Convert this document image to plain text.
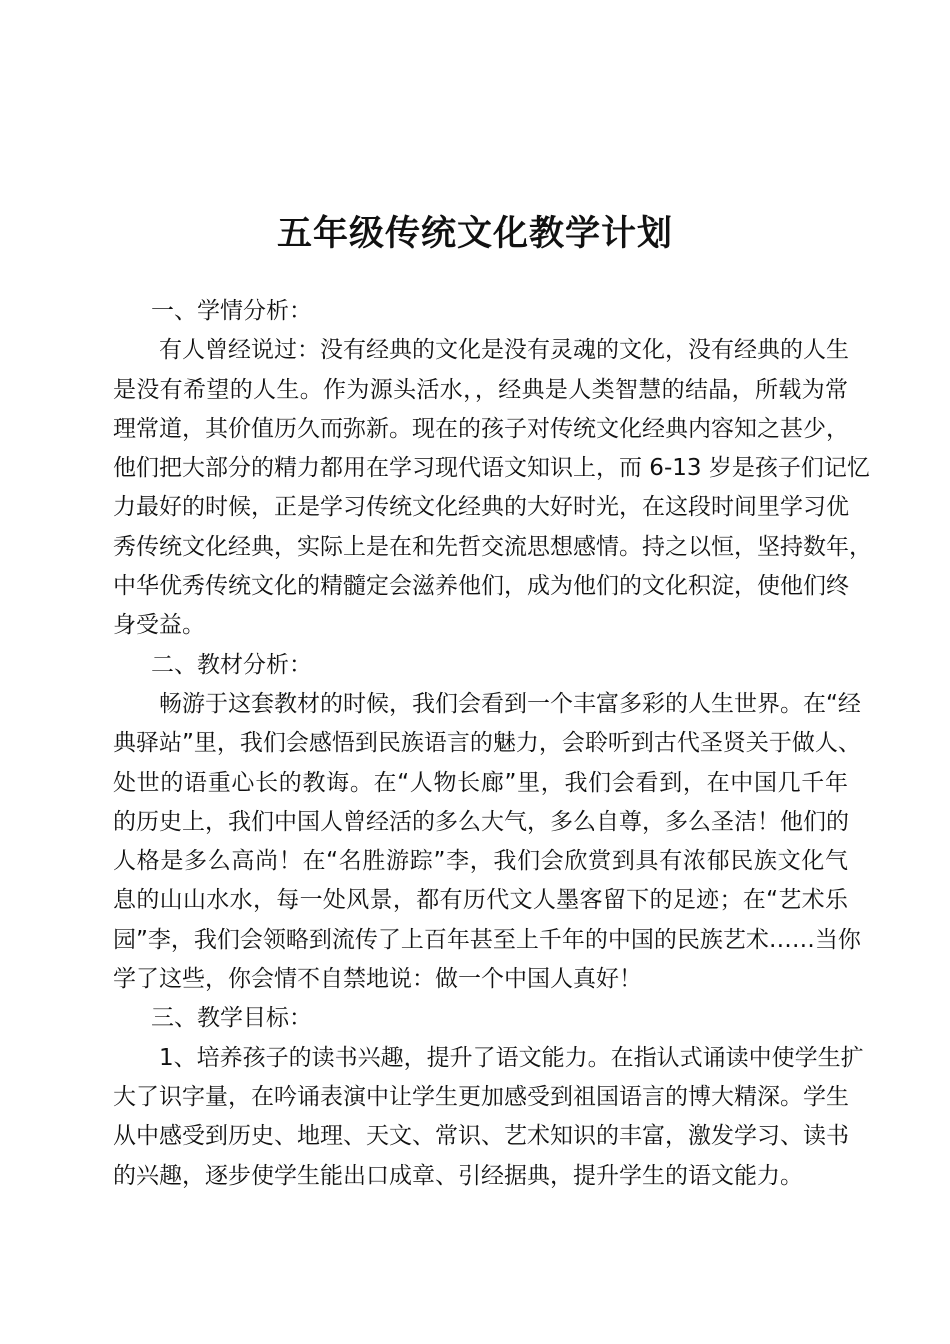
五年级传统文化教学计划
一、学情分析：
有人曾经说过：没有经典的文化是没有灵魂的文化，没有经典的人生
是没有希望的人生。作为源头活水，，经典是人类智慧的结晶，所载为常
理常道，其价值历久而弥新。现在的孩子对传统文化经典内容知之甚少，
他们把大部分的精力都用在学习现代语文知识上，而 6-13 岁是孩子们记忆
力最好的时候，正是学习传统文化经典的大好时光，在这段时间里学习优
秀传统文化经典，实际上是在和先哲交流思想感情。持之以恒，坚持数年，
中华优秀传统文化的精髓定会滋养他们，成为他们的文化积淀，使他们终
身受益。
二、教材分析：
畅游于这套教材的时候，我们会看到一个丰富多彩的人生世界。在“经
典驿站”里，我们会感悟到民族语言的魅力，会聆听到古代圣贤关于做人、
处世的语重心长的教诲。在“人物长廊”里，我们会看到，在中国几千年
的历史上，我们中国人曾经活的多么大气，多么自尊，多么圣洁！他们的
人格是多么高尚！在“名胜游踪”李，我们会欣赏到具有浓郁民族文化气
息的山山水水，每一处风景，都有历代文人墨客留下的足迹；在“艺术乐
园”李，我们会领略到流传了上百年甚至上千年的中国的民族艺术……当你
学了这些，你会情不自禁地说：做一个中国人真好！
三、教学目标：
1、培养孩子的读书兴趣，提升了语文能力。在指认式诵读中使学生扩
大了识字量，在吟诵表演中让学生更加感受到祖国语言的博大精深。学生
从中感受到历史、地理、天文、常识、艺术知识的丰富，激发学习、读书
的兴趣，逐步使学生能出口成章、引经据典，提升学生的语文能力。
